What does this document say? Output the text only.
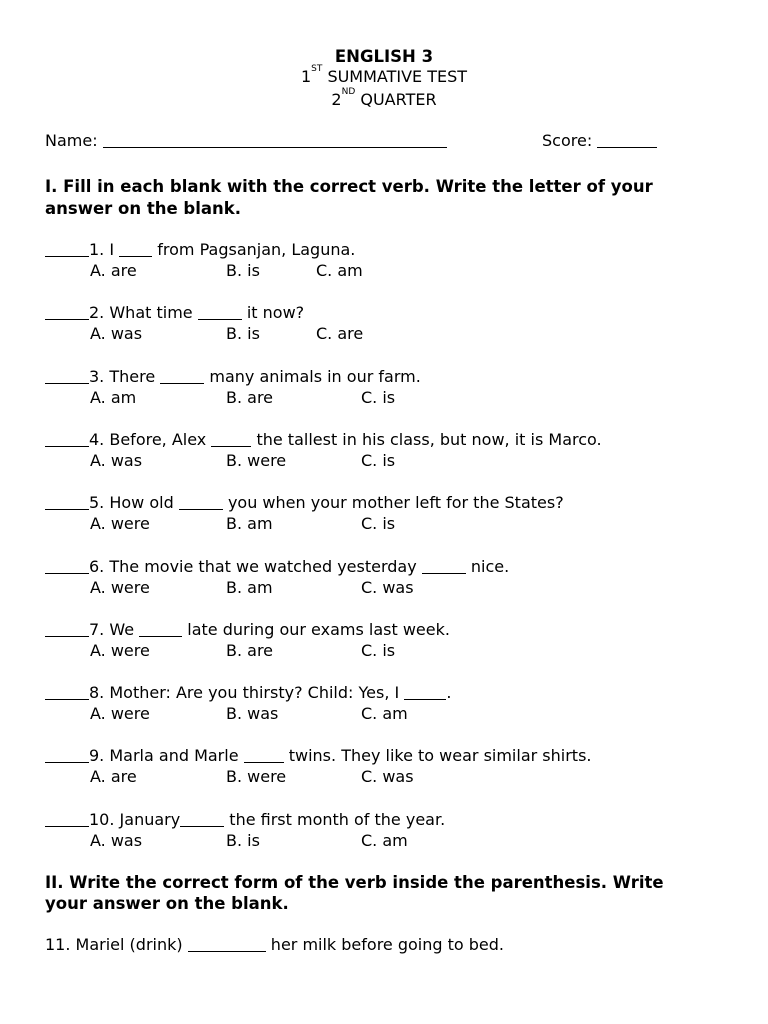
ENGLISH 3
1ST SUMMATIVE TEST
2ND QUARTER
Name:	Score:
I. Fill in each blank with the correct verb. Write the letter of your
answer on the blank.
1. I	from Pagsanjan, Laguna.
A. are	B. is	C. am
2. What time	it now?
A. was	B. is	C. are
3. There	many animals in our farm.
A. am	B. are	C. is
4. Before, Alex	the tallest in his class, but now, it is Marco.
A. was	B. were	C. is
5. How old	you when your mother left for the States?
A. were	B. am	C. is
6. The movie that we watched yesterday	nice.
A. were	B. am	C. was
7. We	late during our exams last week.
A. were	B. are	C. is
8. Mother: Are you thirsty? Child: Yes, I	.
A. were	B. was	C. am
9. Marla and Marle	twins. They like to wear similar shirts.
A. are	B. were	C. was
10. January	the first month of the year.
A. was	B. is	C. am
II. Write the correct form of the verb inside the parenthesis. Write
your answer on the blank.
11. Mariel (drink)	her milk before going to bed.
